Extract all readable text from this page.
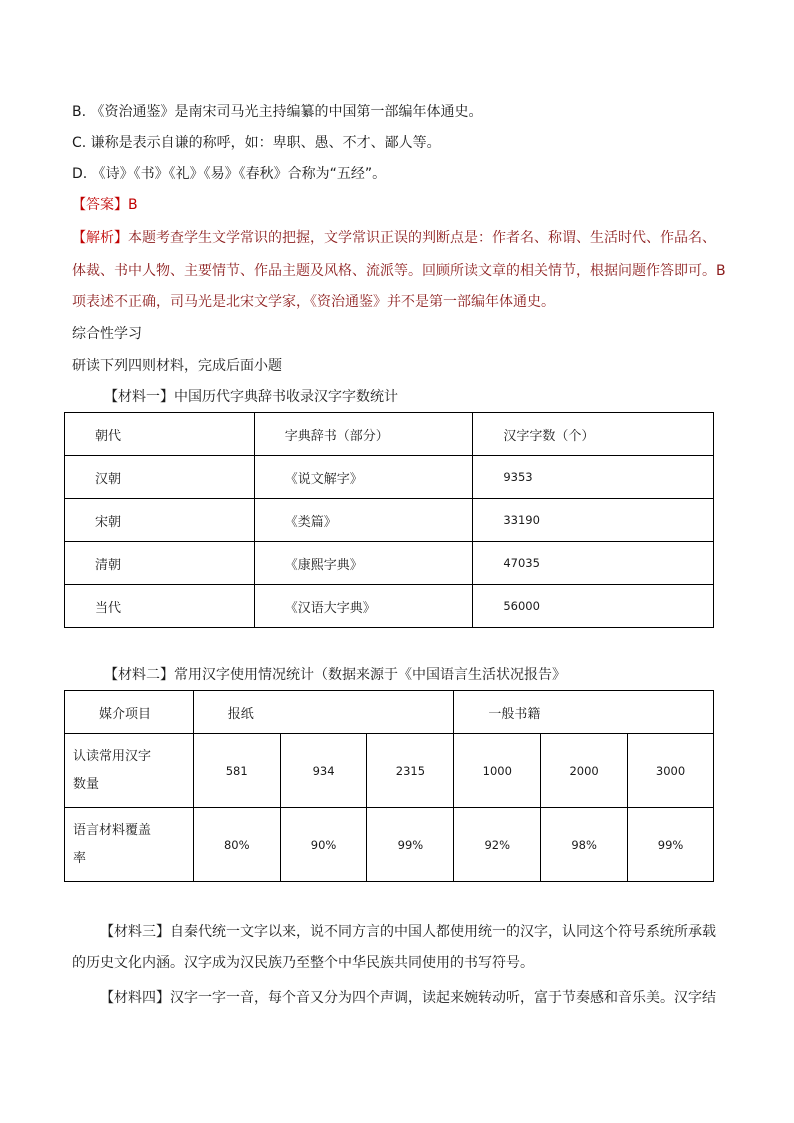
B. 《资治通鉴》是南宋司马光主持编纂的中国第一部编年体通史。
C. 谦称是表示自谦的称呼，如：卑职、愚、不才、鄙人等。
D. 《诗》《书》《礼》《易》《春秋》合称为“五经”。
【答案】B
【解析】本题考查学生文学常识的把握，文学常识正误的判断点是：作者名、称谓、生活时代、作品名、
体裁、书中人物、主要情节、作品主题及风格、流派等。回顾所读文章的相关情节，根据问题作答即可。B
项表述不正确，司马光是北宋文学家，《资治通鉴》并不是第一部编年体通史。
综合性学习
研读下列四则材料，完成后面小题
【材料一】中国历代字典辞书收录汉字字数统计
朝代	字典辞书（部分）	汉字字数（个）
汉朝	《说文解字》	9353
宋朝	《类篇》	33190
清朝	《康熙字典》	47035
当代	《汉语大字典》	56000
【材料二】常用汉字使用情况统计（数据来源于《中国语言生活状况报告》
媒介项目	报纸			一般书籍		

认读常用汉字
数量	581	934	2315	1000	2000	3000

语言材料覆盖
率	80%	90%	99%	92%	98%	99%
【材料三】自秦代统一文字以来，说不同方言的中国人都使用统一的汉字，认同这个符号系统所承载
的历史文化内涵。汉字成为汉民族乃至整个中华民族共同使用的书写符号。
【材料四】汉字一字一音，每个音又分为四个声调，读起来婉转动听，富于节奏感和音乐美。汉字结
